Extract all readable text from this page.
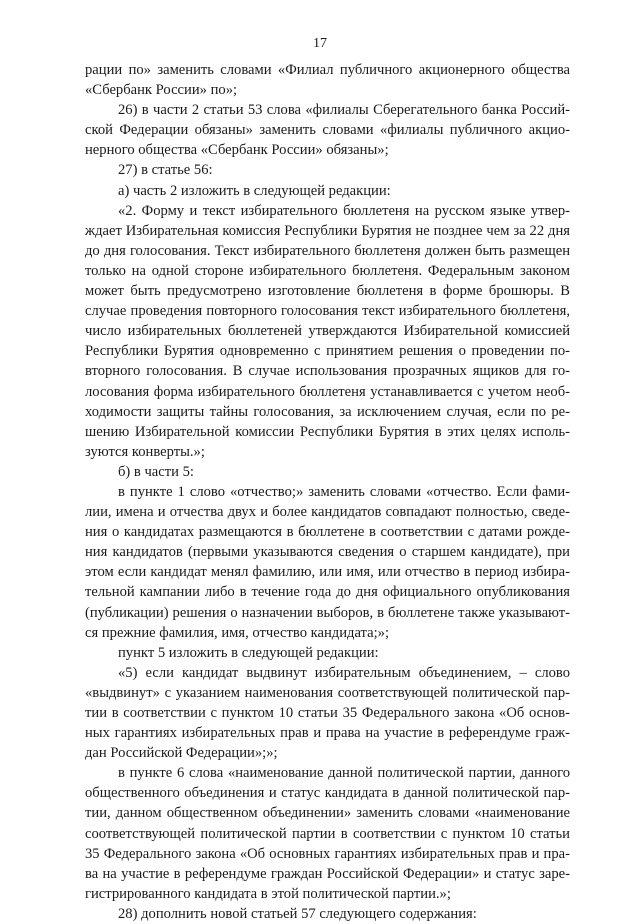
17
рации по» заменить словами «Филиал публичного акционерного общества
«Сбербанк России» по»;
26) в части 2 статьи 53 слова «филиалы Сберегательного банка Россий-
ской Федерации обязаны» заменить словами «филиалы публичного акцио-
нерного общества «Сбербанк России» обязаны»;
27) в статье 56:
а) часть 2 изложить в следующей редакции:
«2. Форму и текст избирательного бюллетеня на русском языке утвер-
ждает Избирательная комиссия Республики Бурятия не позднее чем за 22 дня
до дня голосования. Текст избирательного бюллетеня должен быть размещен
только на одной стороне избирательного бюллетеня. Федеральным законом
может быть предусмотрено изготовление бюллетеня в форме брошюры. В
случае проведения повторного голосования текст избирательного бюллетеня,
число избирательных бюллетеней утверждаются Избирательной комиссией
Республики Бурятия одновременно с принятием решения о проведении по-
вторного голосования. В случае использования прозрачных ящиков для го-
лосования форма избирательного бюллетеня устанавливается с учетом необ-
ходимости защиты тайны голосования, за исключением случая, если по ре-
шению Избирательной комиссии Республики Бурятия в этих целях исполь-
зуются конверты.»;
б) в части 5:
в пункте 1 слово «отчество;» заменить словами «отчество. Если фами-
лии, имена и отчества двух и более кандидатов совпадают полностью, сведе-
ния о кандидатах размещаются в бюллетене в соответствии с датами рожде-
ния кандидатов (первыми указываются сведения о старшем кандидате), при
этом если кандидат менял фамилию, или имя, или отчество в период избира-
тельной кампании либо в течение года до дня официального опубликования
(публикации) решения о назначении выборов, в бюллетене также указывают-
ся прежние фамилия, имя, отчество кандидата;»;
пункт 5 изложить в следующей редакции:
«5) если кандидат выдвинут избирательным объединением, – слово
«выдвинут» с указанием наименования соответствующей политической пар-
тии в соответствии с пунктом 10 статьи 35 Федерального закона «Об основ-
ных гарантиях избирательных прав и права на участие в референдуме граж-
дан Российской Федерации»;»;
в пункте 6 слова «наименование данной политической партии, данного
общественного объединения и статус кандидата в данной политической пар-
тии, данном общественном объединении» заменить словами «наименование
соответствующей политической партии в соответствии с пунктом 10 статьи
35 Федерального закона «Об основных гарантиях избирательных прав и пра-
ва на участие в референдуме граждан Российской Федерации» и статус заре-
гистрированного кандидата в этой политической партии.»;
28) дополнить новой статьей 57 следующего содержания:
